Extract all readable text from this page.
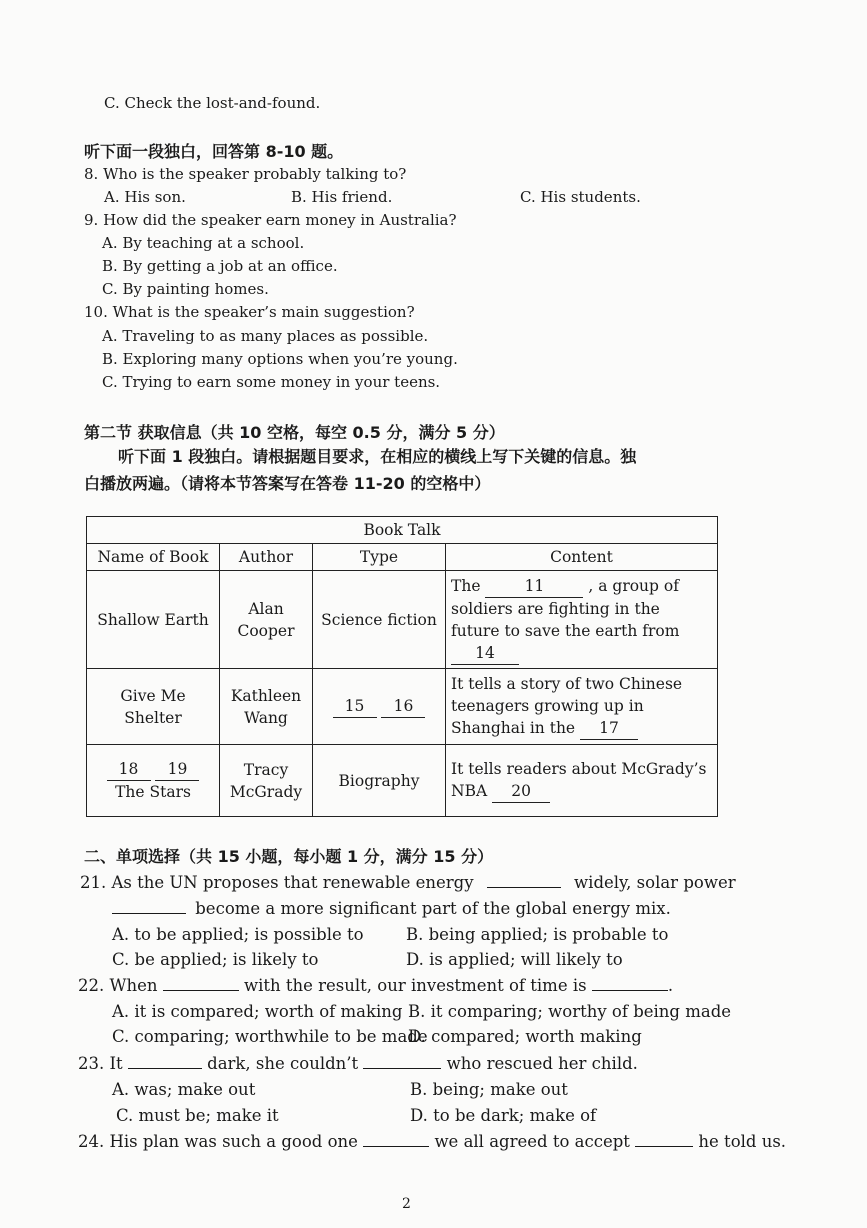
C. Check the lost-and-found.
听下面一段独白，回答第 8-10 题。
8. Who is the speaker probably talking to?
A. His son.	B. His friend.	C. His students.
9. How did the speaker earn money in Australia?
A. By teaching at a school.
B. By getting a job at an office.
C. By painting homes.
10. What is the speaker’s main suggestion?
A. Traveling to as many places as possible.
B. Exploring many options when you’re young.
C. Trying to earn some money in your teens.
第二节 获取信息（共 10 空格，每空 0.5 分，满分 5 分）
听下面 1 段独白。请根据题目要求，在相应的横线上写下关键的信息。独
白播放两遍。（请将本节答案写在答卷 11-20 的空格中）
Book Talk			
Name of Book	Author	Type	Content
Shallow Earth	Alan Cooper	Science fiction	The 11 , a group of soldiers are fighting in the future to save the earth from 14
Give Me Shelter	Kathleen Wang	15 16	It tells a story of two Chinese teenagers growing up in Shanghai in the 17
18 19
The Stars	Tracy McGrady	Biography	It tells readers about McGrady’s NBA 20
二、单项选择（共 15 小题，每小题 1 分，满分 15 分）
21. As the UN proposes that renewable energy	widely, solar power
become a more significant part of the global energy mix.
A. to be applied; is possible to	B. being applied; is probable to
C. be applied; is likely to	D. is applied; will likely to
22. When	with the result, our investment of time is	.
A. it is compared; worth of making B. it comparing; worthy of being made
C. comparing; worthwhile to be made
D. compared; worth making
23. It	dark, she couldn’t	who rescued her child.
A. was; make out	B. being; make out
C. must be; make it	D. to be dark; make of
24. His plan was such a good one	we all agreed to accept	he told us.
2
